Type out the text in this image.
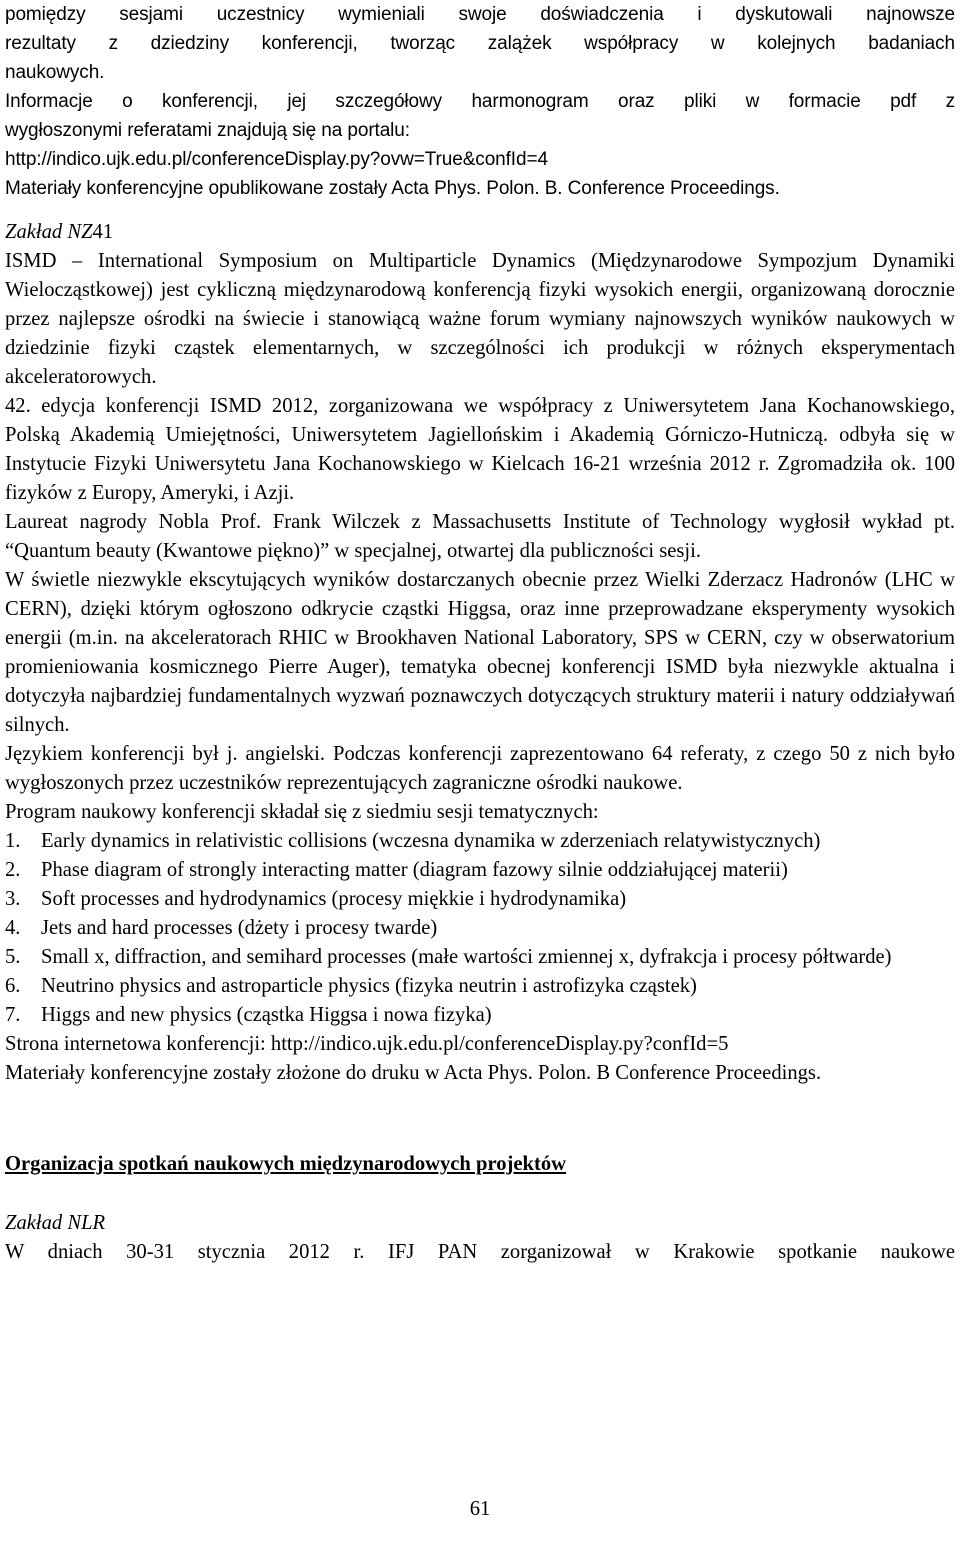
pomiędzy sesjami uczestnicy wymieniali swoje doświadczenia i dyskutowali najnowsze
rezultaty z dziedziny konferencji, tworząc zalążek współpracy w kolejnych badaniach
naukowych.
Informacje o konferencji, jej szczegółowy harmonogram oraz pliki w formacie pdf z
wygłoszonymi referatami znajdują się na portalu:
http://indico.ujk.edu.pl/conferenceDisplay.py?ovw=True&confId=4
Materiały konferencyjne opublikowane zostały Acta Phys. Polon. B. Conference Proceedings.

Zakład NZ41

ISMD – International Symposium on Multiparticle Dynamics (Międzynarodowe Sympozjum Dynamiki Wielocząstkowej) jest cykliczną międzynarodową konferencją fizyki wysokich energii, organizowaną dorocznie przez najlepsze ośrodki na świecie i stanowiącą ważne forum wymiany najnowszych wyników naukowych w dziedzinie fizyki cząstek elementarnych, w szczególności ich produkcji w różnych eksperymentach akceleratorowych.

42. edycja konferencji ISMD 2012, zorganizowana we współpracy z Uniwersytetem Jana Kochanowskiego, Polską Akademią Umiejętności, Uniwersytetem Jagiellońskim i Akademią Górniczo-Hutniczą. odbyła się w Instytucie Fizyki Uniwersytetu Jana Kochanowskiego w Kielcach 16-21 września 2012 r. Zgromadziła ok. 100 fizyków z Europy, Ameryki, i Azji.

Laureat nagrody Nobla Prof. Frank Wilczek z Massachusetts Institute of Technology wygłosił wykład pt. “Quantum beauty (Kwantowe piękno)” w specjalnej, otwartej dla publiczności sesji.

W świetle niezwykle ekscytujących wyników dostarczanych obecnie przez Wielki Zderzacz Hadronów (LHC w CERN), dzięki którym ogłoszono odkrycie cząstki Higgsa, oraz inne przeprowadzane eksperymenty wysokich energii (m.in. na akceleratorach RHIC w Brookhaven National Laboratory, SPS w CERN, czy w obserwatorium promieniowania kosmicznego Pierre Auger), tematyka obecnej konferencji ISMD była niezwykle aktualna i dotyczyła najbardziej fundamentalnych wyzwań poznawczych dotyczących struktury materii i natury oddziaływań silnych.

Językiem konferencji był j. angielski. Podczas konferencji zaprezentowano 64 referaty, z czego 50 z nich było wygłoszonych przez uczestników reprezentujących zagraniczne ośrodki naukowe.

Program naukowy konferencji składał się z siedmiu sesji tematycznych:

1. Early dynamics in relativistic collisions (wczesna dynamika w zderzeniach relatywistycznych)
2. Phase diagram of strongly interacting matter (diagram fazowy silnie oddziałującej materii)
3. Soft processes and hydrodynamics (procesy miękkie i hydrodynamika)
4. Jets and hard processes (dżety i procesy twarde)
5. Small x, diffraction, and semihard processes (małe wartości zmiennej x, dyfrakcja i procesy półtwarde)
6. Neutrino physics and astroparticle physics (fizyka neutrin i astrofizyka cząstek)
7. Higgs and new physics (cząstka Higgsa i nowa fizyka)

Strona internetowa konferencji: http://indico.ujk.edu.pl/conferenceDisplay.py?confId=5

Materiały konferencyjne zostały złożone do druku w Acta Phys. Polon. B Conference Proceedings.

Organizacja spotkań naukowych międzynarodowych projektów

Zakład NLR

W dniach 30-31 stycznia 2012 r. IFJ PAN zorganizował w Krakowie spotkanie naukowe

61
